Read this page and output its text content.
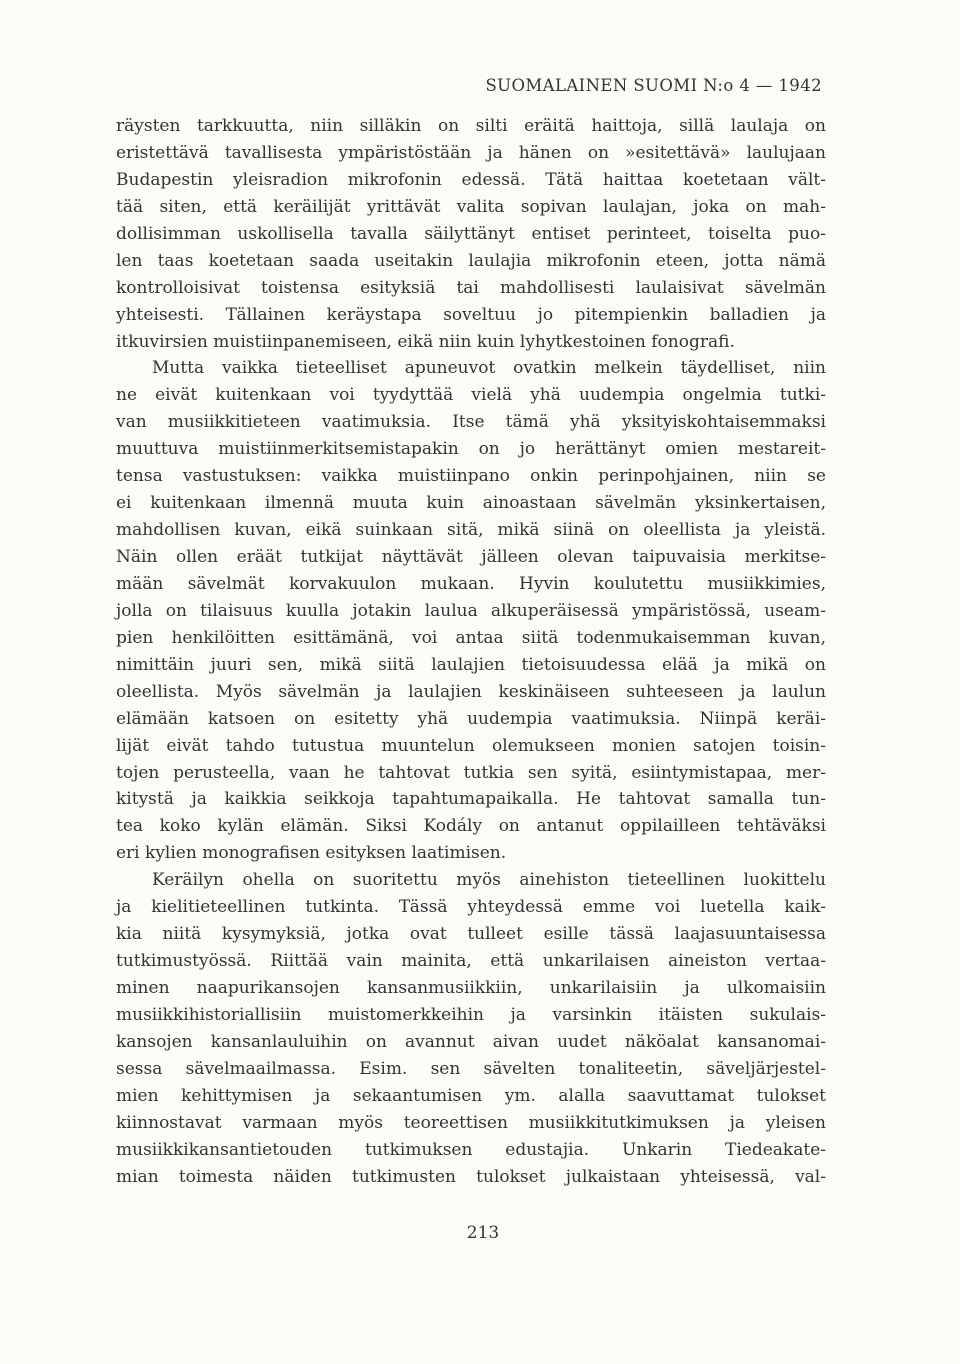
SUOMALAINEN SUOMI N:o 4 — 1942
räysten tarkkuutta, niin silläkin on silti eräitä haittoja, sillä laulaja on
eristettävä tavallisesta ympäristöstään ja hänen on »esitettävä» laulujaan
Budapestin yleisradion mikrofonin edessä. Tätä haittaa koetetaan vält-
tää siten, että keräilijät yrittävät valita sopivan laulajan, joka on mah-
dollisimman uskollisella tavalla säilyttänyt entiset perinteet, toiselta puo-
len taas koetetaan saada useitakin laulajia mikrofonin eteen, jotta nämä
kontrolloisivat toistensa esityksiä tai mahdollisesti laulaisivat sävelmän
yhteisesti. Tällainen keräystapa soveltuu jo pitempienkin balladien ja
itkuvirsien muistiinpanemiseen, eikä niin kuin lyhytkestoinen fonografi.
Mutta vaikka tieteelliset apuneuvot ovatkin melkein täydelliset, niin
ne eivät kuitenkaan voi tyydyttää vielä yhä uudempia ongelmia tutki-
van musiikkitieteen vaatimuksia. Itse tämä yhä yksityiskohtaisemmaksi
muuttuva muistiinmerkitsemistapakin on jo herättänyt omien mestareit-
tensa vastustuksen: vaikka muistiinpano onkin perinpohjainen, niin se
ei kuitenkaan ilmennä muuta kuin ainoastaan sävelmän yksinkertaisen,
mahdollisen kuvan, eikä suinkaan sitä, mikä siinä on oleellista ja yleistä.
Näin ollen eräät tutkijat näyttävät jälleen olevan taipuvaisia merkitse-
mään sävelmät korvakuulon mukaan. Hyvin koulutettu musiikkimies,
jolla on tilaisuus kuulla jotakin laulua alkuperäisessä ympäristössä, useam-
pien henkilöitten esittämänä, voi antaa siitä todenmukaisemman kuvan,
nimittäin juuri sen, mikä siitä laulajien tietoisuudessa elää ja mikä on
oleellista. Myös sävelmän ja laulajien keskinäiseen suhteeseen ja laulun
elämään katsoen on esitetty yhä uudempia vaatimuksia. Niinpä keräi-
lijät eivät tahdo tutustua muuntelun olemukseen monien satojen toisin-
tojen perusteella, vaan he tahtovat tutkia sen syitä, esiintymistapaa, mer-
kitystä ja kaikkia seikkoja tapahtumapaikalla. He tahtovat samalla tun-
tea koko kylän elämän. Siksi Kodály on antanut oppilailleen tehtäväksi
eri kylien monografisen esityksen laatimisen.
Keräilyn ohella on suoritettu myös ainehiston tieteellinen luokittelu
ja kielitieteellinen tutkinta. Tässä yhteydessä emme voi luetella kaik-
kia niitä kysymyksiä, jotka ovat tulleet esille tässä laajasuuntaisessa
tutkimustyössä. Riittää vain mainita, että unkarilaisen aineiston vertaa-
minen naapurikansojen kansanmusiikkiin, unkarilaisiin ja ulkomaisiin
musiikkihistoriallisiin muistomerkkeihin ja varsinkin itäisten sukulais-
kansojen kansanlauluihin on avannut aivan uudet näköalat kansanomai-
sessa sävelmaailmassa. Esim. sen sävelten tonaliteetin, säveljärjestel-
mien kehittymisen ja sekaantumisen ym. alalla saavuttamat tulokset
kiinnostavat varmaan myös teoreettisen musiikkitutkimuksen ja yleisen
musiikkikansantietouden tutkimuksen edustajia. Unkarin Tiedeakate-
mian toimesta näiden tutkimusten tulokset julkaistaan yhteisessä, val-
213
